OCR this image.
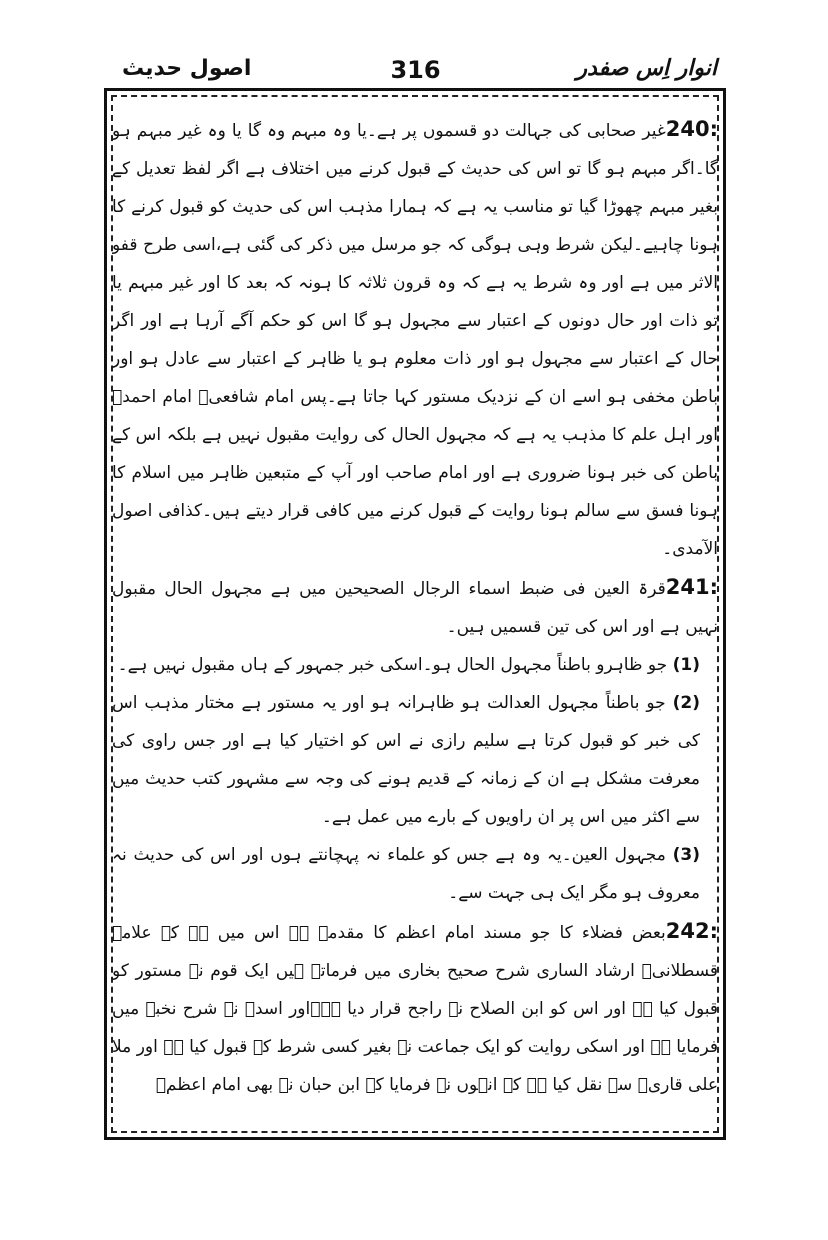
انوار اِس صفدر
316
اصول حدیث

240:غیر صحابی کی جہالت دو قسموں پر ہے۔یا وہ مبہم وہ گا یا وہ غیر مبہم ہو گا۔اگر مبہم ہو گا تو اس کی حدیث کے قبول کرنے میں اختلاف ہے اگر لفظ تعدیل کے بغیر مبہم چھوڑا گیا تو مناسب یہ ہے کہ ہمارا مذہب اس کی حدیث کو قبول کرنے کا ہونا چاہیے۔لیکن شرط وہی ہوگی کہ جو مرسل میں ذکر کی گئی ہے،اسی طرح قفو الاثر میں ہے اور وہ شرط یہ ہے کہ وہ قرون ثلاثہ کا ہونہ کہ بعد کا اور غیر مبہم یا تو ذات اور حال دونوں کے اعتبار سے مجہول ہو گا اس کو حکم آگے آرہا ہے اور اگر حال کے اعتبار سے مجہول ہو اور ذات معلوم ہو یا ظاہر کے اعتبار سے عادل ہو اور باطن مخفی ہو اسے ان کے نزدیک مستور کہا جاتا ہے۔پس امام شافعیؒ امام احمدؒ اور اہل علم کا مذہب یہ ہے کہ مجہول الحال کی روایت مقبول نہیں ہے بلکہ اس کے باطن کی خبر ہونا ضروری ہے اور امام صاحب اور آپ کے متبعین ظاہر میں اسلام کا ہونا فسق سے سالم ہونا روایت کے قبول کرنے میں کافی قرار دیتے ہیں۔کذافی اصول الآمدی۔

241:قرۃ العین فی ضبط اسماء الرجال الصحیحین میں ہے مجہول الحال مقبول نہیں ہے اور اس کی تین قسمیں ہیں۔

(1) جو ظاہرو باطناً مجہول الحال ہو۔اسکی خبر جمہور کے ہاں مقبول نہیں ہے۔

(2) جو باطناً مجہول العدالت ہو ظاہرانہ ہو اور یہ مستور ہے مختار مذہب اس کی خبر کو قبول کرتا ہے سلیم رازی نے اس کو اختیار کیا ہے اور جس راوی کی معرفت مشکل ہے ان کے زمانہ کے قدیم ہونے کی وجہ سے مشہور کتب حدیث میں سے اکثر میں اس پر ان راویوں کے بارے میں عمل ہے۔

(3) مجہول العین۔یہ وہ ہے جس کو علماء نہ پہچانتے ہوں اور اس کی حدیث نہ معروف ہو مگر ایک ہی جہت سے۔

242:بعض فضلاء کا جو مسند امام اعظم کا مقدمہ ہے اس میں ہے کہ علامہ قسطلانیؒ ارشاد الساری شرح صحیح بخاری میں فرماتے ہیں ایک قوم نے مستور کو قبول کیا ہے اور اس کو ابن الصلاح نے راجح قرار دیا ہے۔اور اسدؒ نے شرح نخبۃ میں فرمایا ہے اور اسکی روایت کو ایک جماعت نے بغیر کسی شرط کے قبول کیا ہے اور ملا علی قاریؒ سے نقل کیا ہے کہ انہوں نے فرمایا کہ ابن حبان نے بھی امام اعظمؒ
